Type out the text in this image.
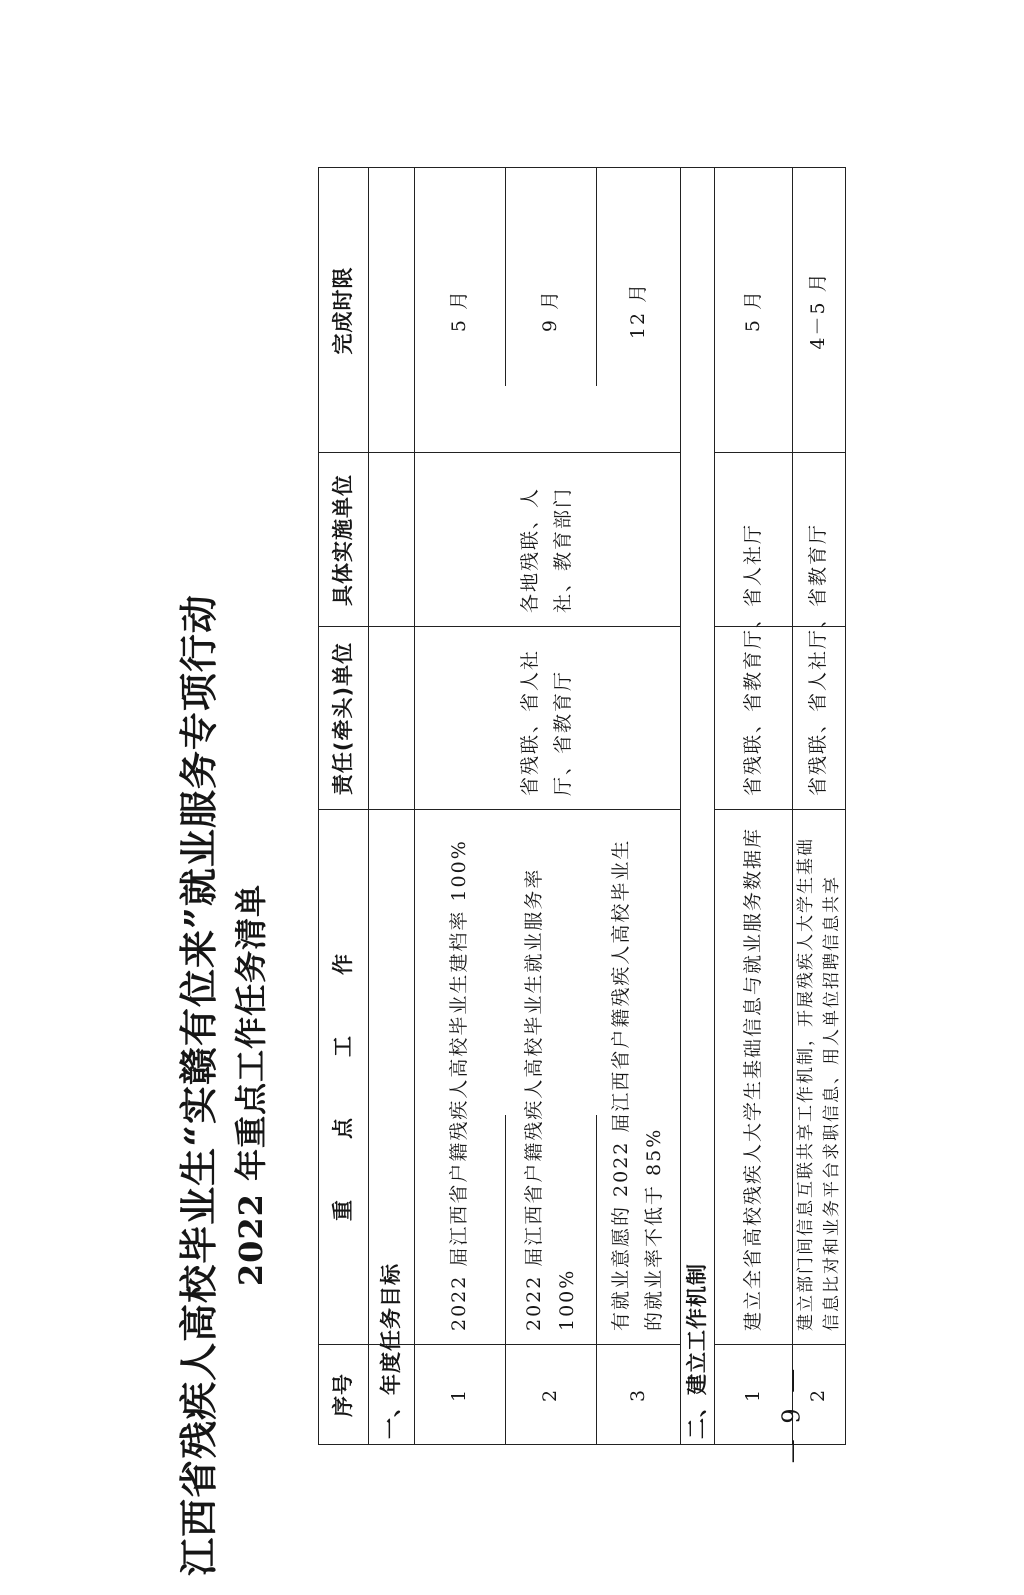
江西省残疾人高校毕业生“实赣有位来”就业服务专项行动 2022 年重点工作任务清单
序号
重　点　工　作
责任(牵头)单位
具体实施单位
完成时限
一、年度任务目标	1
2022 届江西省户籍残疾人高校毕业生建档率 100%
5 月
2
2022 届江西省户籍残疾人高校毕业生就业服务率 100%
9 月
3
有就业意愿的 2022 届江西省户籍残疾人高校毕业生的就业率不低于 85%
12 月
省残联、省人社厅、省教育厅
各地残联、人社、教育部门
二、建立工作机制	1
建立全省高校残疾人大学生基础信息与就业服务数据库
省残联、省教育厅、省人社厅
5 月
2
建立部门间信息互联共享工作机制，开展残疾人大学生基础信息比对和业务平台求职信息、用人单位招聘信息共享
省残联、省人社厅、省教育厅
4－5 月
— 9 —
